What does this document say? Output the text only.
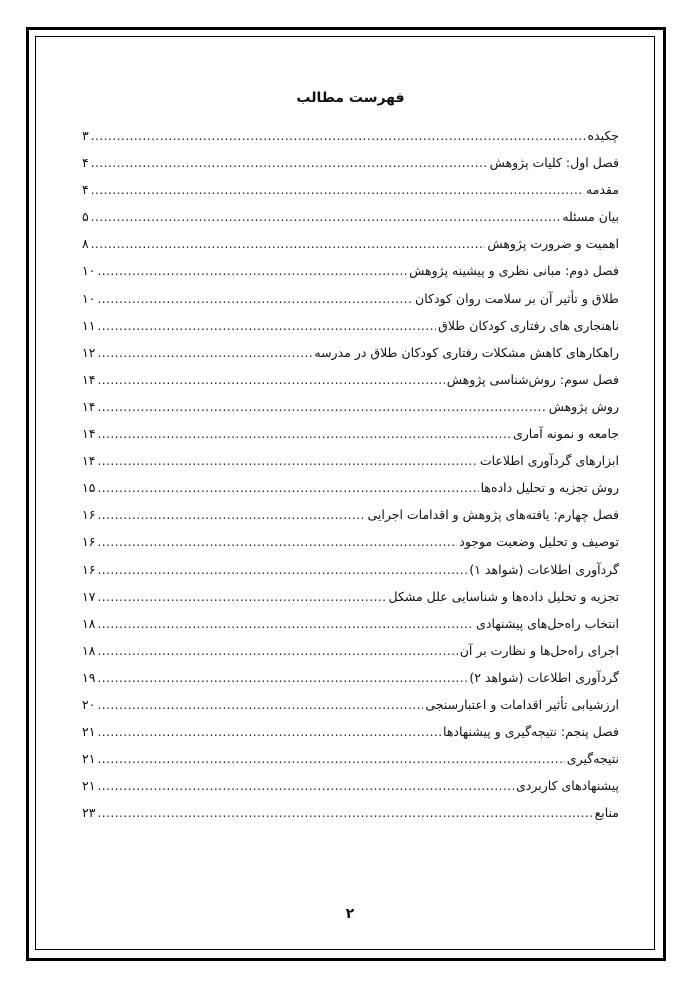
فهرست مطالب
چکیده
.....
۳
فصل اول: کلیات پژوهش
.....
۴
مقدمه
.....
۴
بیان مسئله
.....
۵
اهمیت و ضرورت پژوهش
.....
۸
فصل دوم: مبانی نظری و پیشینه پژوهش
.....
۱۰
طلاق و تأثیر آن بر سلامت روان کودکان
.....
۱۰
ناهنجاری های رفتاری کودکان طلاق
.....
۱۱
راهکارهای کاهش مشکلات رفتاری کودکان طلاق در مدرسه
.....
۱۲
فصل سوم: روش‌شناسی پژوهش
.....
۱۴
روش پژوهش
.....
۱۴
جامعه و نمونه آماری
.....
۱۴
ابزارهای گردآوری اطلاعات
.....
۱۴
روش تجزیه و تحلیل داده‌ها
.....
۱۵
فصل چهارم: یافته‌های پژوهش و اقدامات اجرایی
.....
۱۶
توصیف و تحلیل وضعیت موجود
.....
۱۶
گردآوری اطلاعات (شواهد ۱)
.....
۱۶
تجزیه و تحلیل داده‌ها و شناسایی علل مشکل
.....
۱۷
انتخاب راه‌حل‌های پیشنهادی
.....
۱۸
اجرای راه‌حل‌ها و نظارت بر آن
.....
۱۸
گردآوری اطلاعات (شواهد ۲)
.....
۱۹
ارزشیابی تأثیر اقدامات و اعتبارسنجی
.....
۲۰
فصل پنجم: نتیجه‌گیری و پیشنهادها
.....
۲۱
نتیجه‌گیری
.....
۲۱
پیشنهادهای کاربردی
.....
۲۱
منابع
.....
۲۳
۲
